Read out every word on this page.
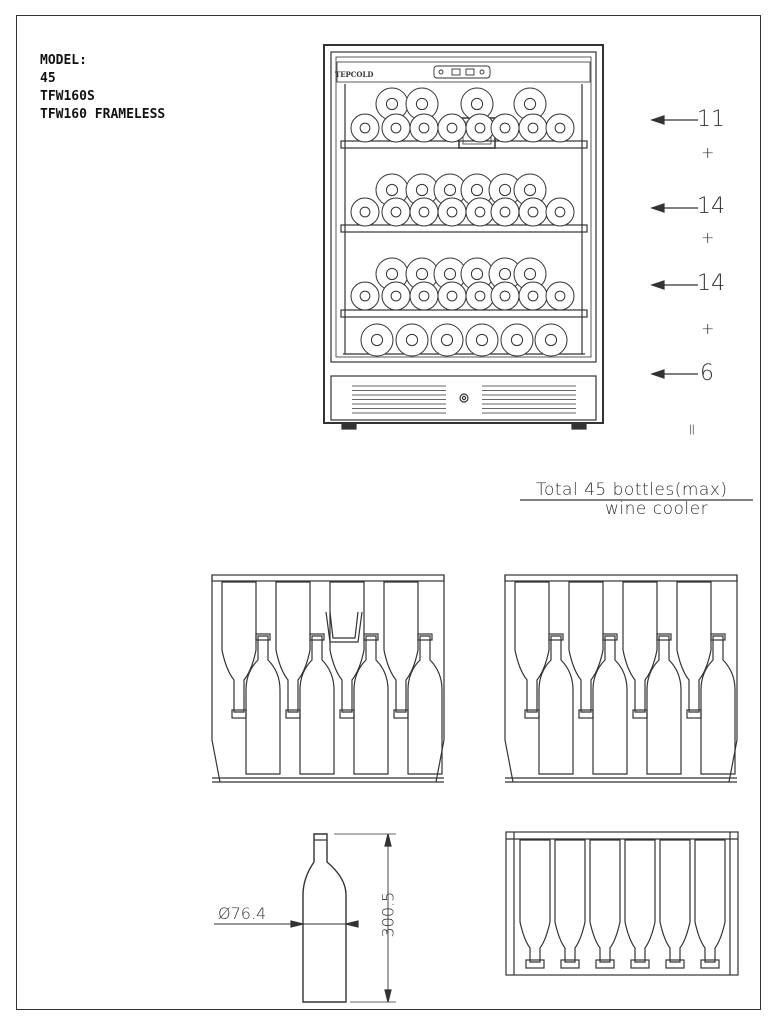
MODEL:
45
TFW160S
TFW160 FRAMELESS
TEPCOLD
11
+
14
+
14
+
6
=
Total 45 bottles(max)
wine cooler
Ø76.4	300.5
